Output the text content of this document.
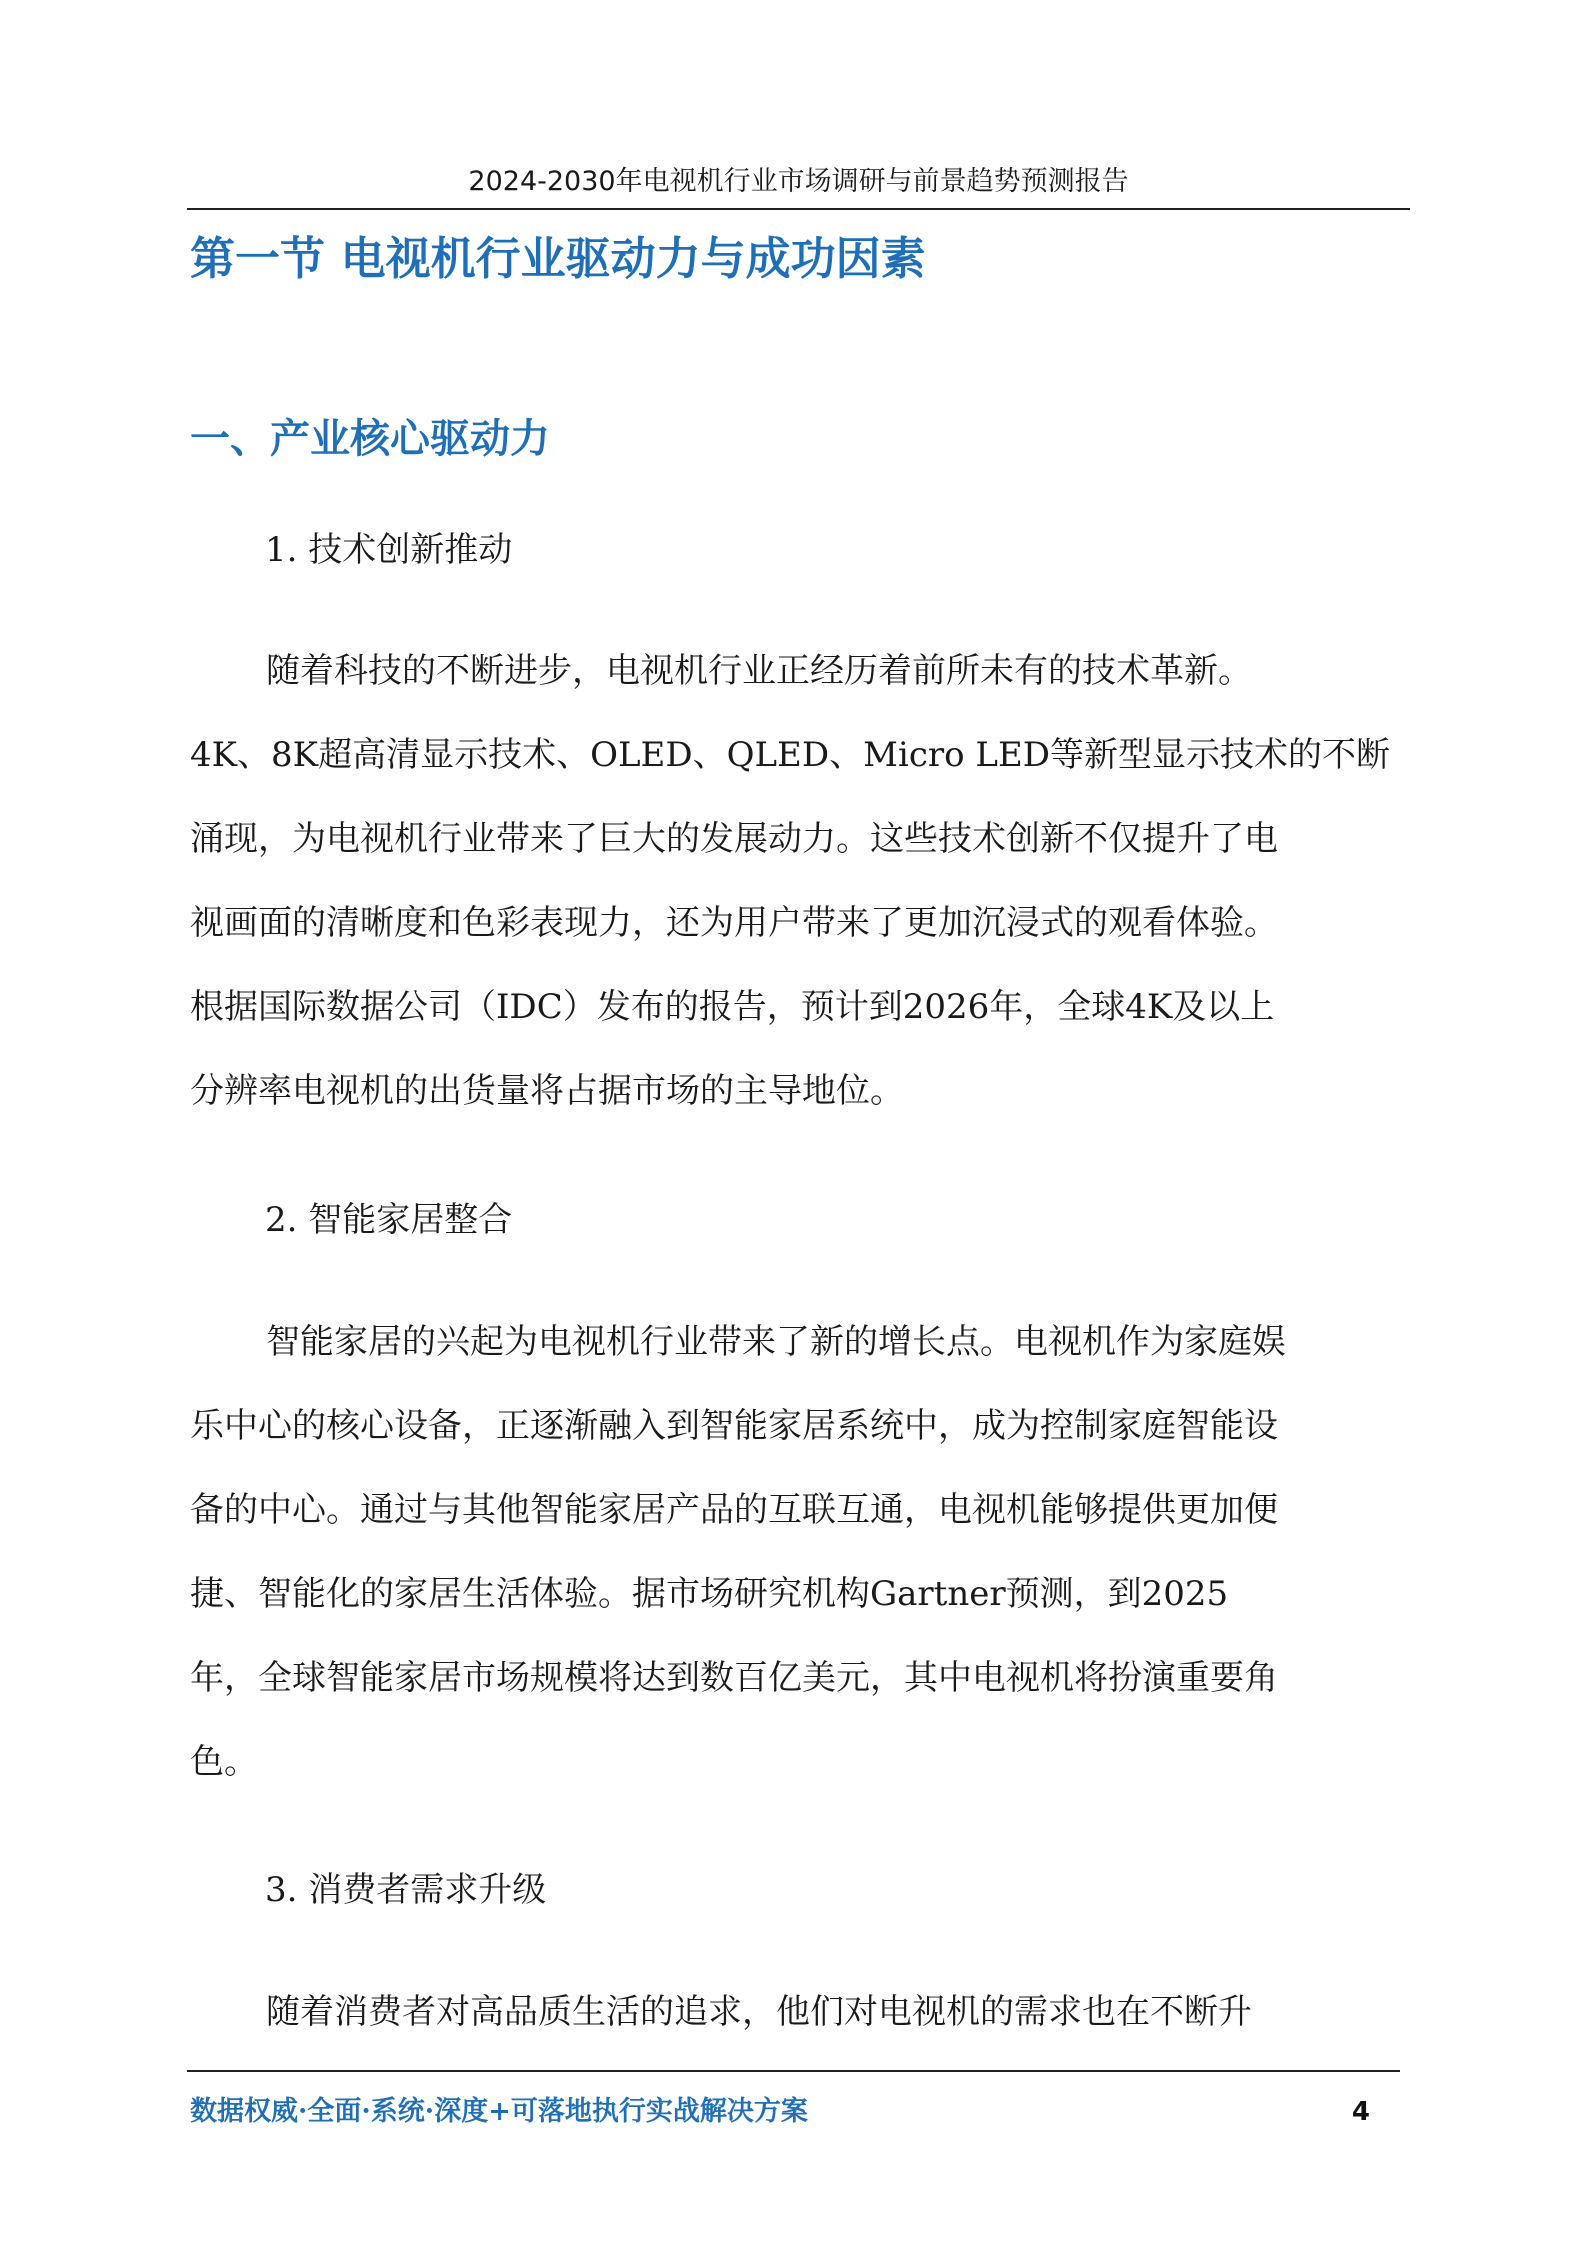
2024-2030年电视机行业市场调研与前景趋势预测报告
第一节 电视机行业驱动力与成功因素
一、产业核心驱动力
1. 技术创新推动
随着科技的不断进步，电视机行业正经历着前所未有的技术革新。
4K、8K超高清显示技术、OLED、QLED、Micro LED等新型显示技术的不断
涌现，为电视机行业带来了巨大的发展动力。这些技术创新不仅提升了电
视画面的清晰度和色彩表现力，还为用户带来了更加沉浸式的观看体验。
根据国际数据公司（IDC）发布的报告，预计到2026年，全球4K及以上
分辨率电视机的出货量将占据市场的主导地位。
2. 智能家居整合
智能家居的兴起为电视机行业带来了新的增长点。电视机作为家庭娱
乐中心的核心设备，正逐渐融入到智能家居系统中，成为控制家庭智能设
备的中心。通过与其他智能家居产品的互联互通，电视机能够提供更加便
捷、智能化的家居生活体验。据市场研究机构Gartner预测，到2025
年，全球智能家居市场规模将达到数百亿美元，其中电视机将扮演重要角
色。
3. 消费者需求升级
随着消费者对高品质生活的追求，他们对电视机的需求也在不断升
数据权威·全面·系统·深度+可落地执行实战解决方案	4
